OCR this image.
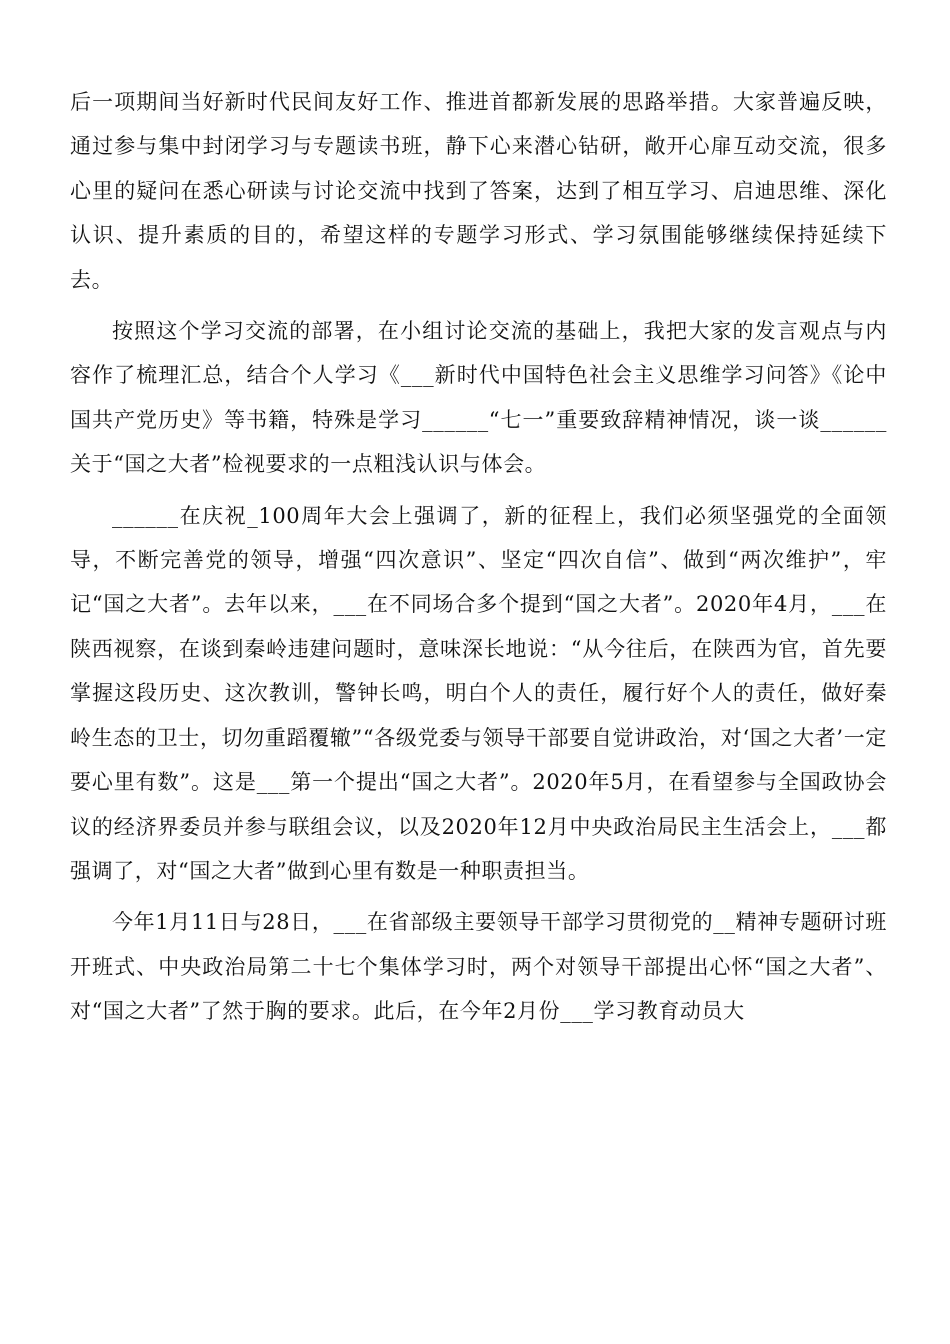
后一项期间当好新时代民间友好工作、推进首都新发展的思路举措。大家普遍反映，通过参与集中封闭学习与专题读书班，静下心来潜心钻研，敞开心扉互动交流，很多心里的疑问在悉心研读与讨论交流中找到了答案，达到了相互学习、启迪思维、深化认识、提升素质的目的，希望这样的专题学习形式、学习氛围能够继续保持延续下去。

按照这个学习交流的部署，在小组讨论交流的基础上，我把大家的发言观点与内容作了梳理汇总，结合个人学习《___新时代中国特色社会主义思维学习问答》《论中国共产党历史》等书籍，特殊是学习______“七一”重要致辞精神情况，谈一谈______关于“国之大者”检视要求的一点粗浅认识与体会。

______在庆祝_100周年大会上强调了，新的征程上，我们必须坚强党的全面领导，不断完善党的领导，增强“四次意识”、坚定“四次自信”、做到“两次维护”，牢记“国之大者”。去年以来，___在不同场合多个提到“国之大者”。2020年4月，___在陕西视察，在谈到秦岭违建问题时，意味深长地说：“从今往后，在陕西为官，首先要掌握这段历史、这次教训，警钟长鸣，明白个人的责任，履行好个人的责任，做好秦岭生态的卫士，切勿重蹈覆辙”“各级党委与领导干部要自觉讲政治，对‘国之大者’一定要心里有数”。这是___第一个提出“国之大者”。2020年5月，在看望参与全国政协会议的经济界委员并参与联组会议，以及2020年12月中央政治局民主生活会上，___都强调了，对“国之大者”做到心里有数是一种职责担当。

今年1月11日与28日，___在省部级主要领导干部学习贯彻党的__精神专题研讨班开班式、中央政治局第二十七个集体学习时，两个对领导干部提出心怀“国之大者”、对“国之大者”了然于胸的要求。此后，在今年2月份___学习教育动员大
